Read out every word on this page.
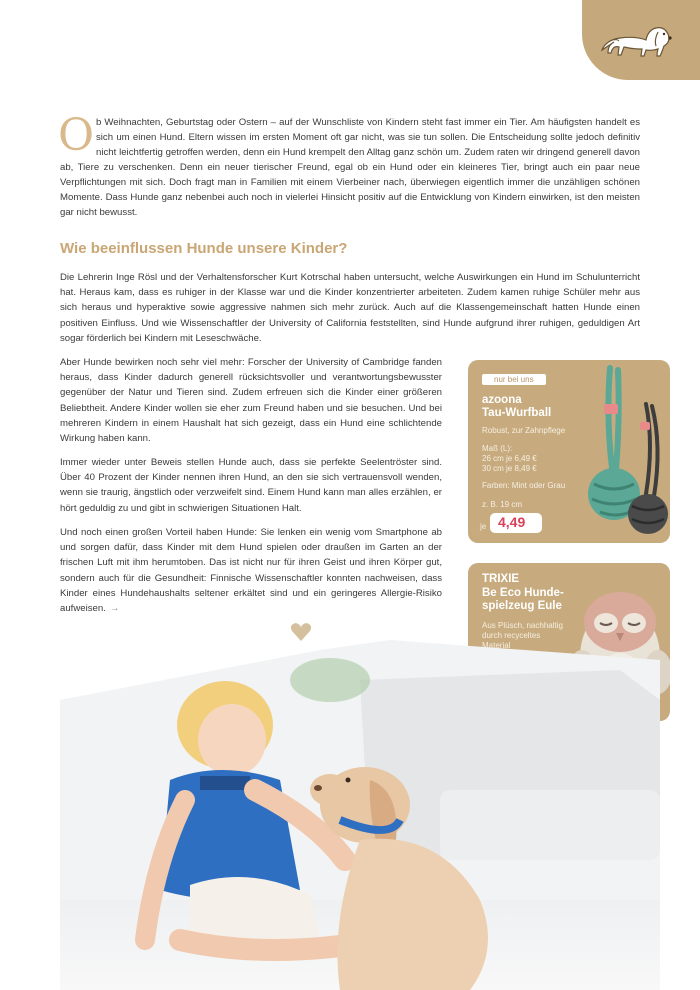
O b Weihnachten, Geburtstag oder Ostern – auf der Wunschliste von Kindern steht fast immer ein Tier. Am häufigsten handelt es sich um einen Hund. Eltern wissen im ersten Moment oft gar nicht, was sie tun sollen. Die Entscheidung sollte jedoch definitiv nicht leichtfertig getroffen werden, denn ein Hund krempelt den Alltag ganz schön um. Zudem raten wir dringend generell davon ab, Tiere zu verschenken. Denn ein neuer tierischer Freund, egal ob ein Hund oder ein kleineres Tier, bringt auch ein paar neue Verpflichtungen mit sich. Doch fragt man in Familien mit einem Vierbeiner nach, überwiegen eigentlich immer die unzähligen schönen Momente. Dass Hunde ganz nebenbei auch noch in vielerlei Hinsicht positiv auf die Entwicklung von Kindern einwirken, ist den meisten gar nicht bewusst.

Wie beeinflussen Hunde unsere Kinder?

Die Lehrerin Inge Rösl und der Verhaltensforscher Kurt Kotrschal haben untersucht, welche Auswirkungen ein Hund im Schulunterricht hat. Heraus kam, dass es ruhiger in der Klasse war und die Kinder konzentrierter arbeiteten. Zudem kamen ruhige Schüler mehr aus sich heraus und hyperaktive sowie aggressive nahmen sich mehr zurück. Auch auf die Klassengemeinschaft hatten Hunde einen positiven Einfluss. Und wie Wissenschaftler der University of California feststellten, sind Hunde aufgrund ihrer ruhigen, geduldigen Art sogar förderlich bei Kindern mit Leseschwäche.

Aber Hunde bewirken noch sehr viel mehr: Forscher der University of Cambridge fanden heraus, dass Kinder dadurch generell rücksichtsvoller und verantwortungsbewusster gegenüber der Natur und Tieren sind. Zudem erfreuen sich die Kinder einer größeren Beliebtheit. Andere Kinder wollen sie eher zum Freund haben und sie besuchen. Und bei mehreren Kindern in einem Haushalt hat sich gezeigt, dass ein Hund eine schlichtende Wirkung haben kann.

Immer wieder unter Beweis stellen Hunde auch, dass sie perfekte Seelentröster sind. Über 40 Prozent der Kinder nennen ihren Hund, an den sie sich vertrauensvoll wenden, wenn sie traurig, ängstlich oder verzweifelt sind. Einem Hund kann man alles erzählen, er hört geduldig zu und gibt in schwierigen Situationen Halt.

Und noch einen großen Vorteil haben Hunde: Sie lenken ein wenig vom Smartphone ab und sorgen dafür, dass Kinder mit dem Hund spielen oder draußen im Garten an der frischen Luft mit ihm herumtoben. Das ist nicht nur für ihren Geist und ihren Körper gut, sondern auch für die Gesundheit: Finnische Wissenschaftler konnten nachweisen, dass Kinder eines Hundehaushalts seltener erkältet sind und ein geringeres Allergie-Risiko aufweisen. →

nur bei uns
azoona
Tau-Wurfball
Robust, zur Zahnpflege
Maß (L):
26 cm je 6,49 €
30 cm je 8,49 €
Farben: Mint oder Grau
z. B. 19 cm
je 4,49
TRIXIE
Be Eco Hunde-
spielzeug Eule
Aus Plüsch, nachhaltig
durch recyceltes
Material
